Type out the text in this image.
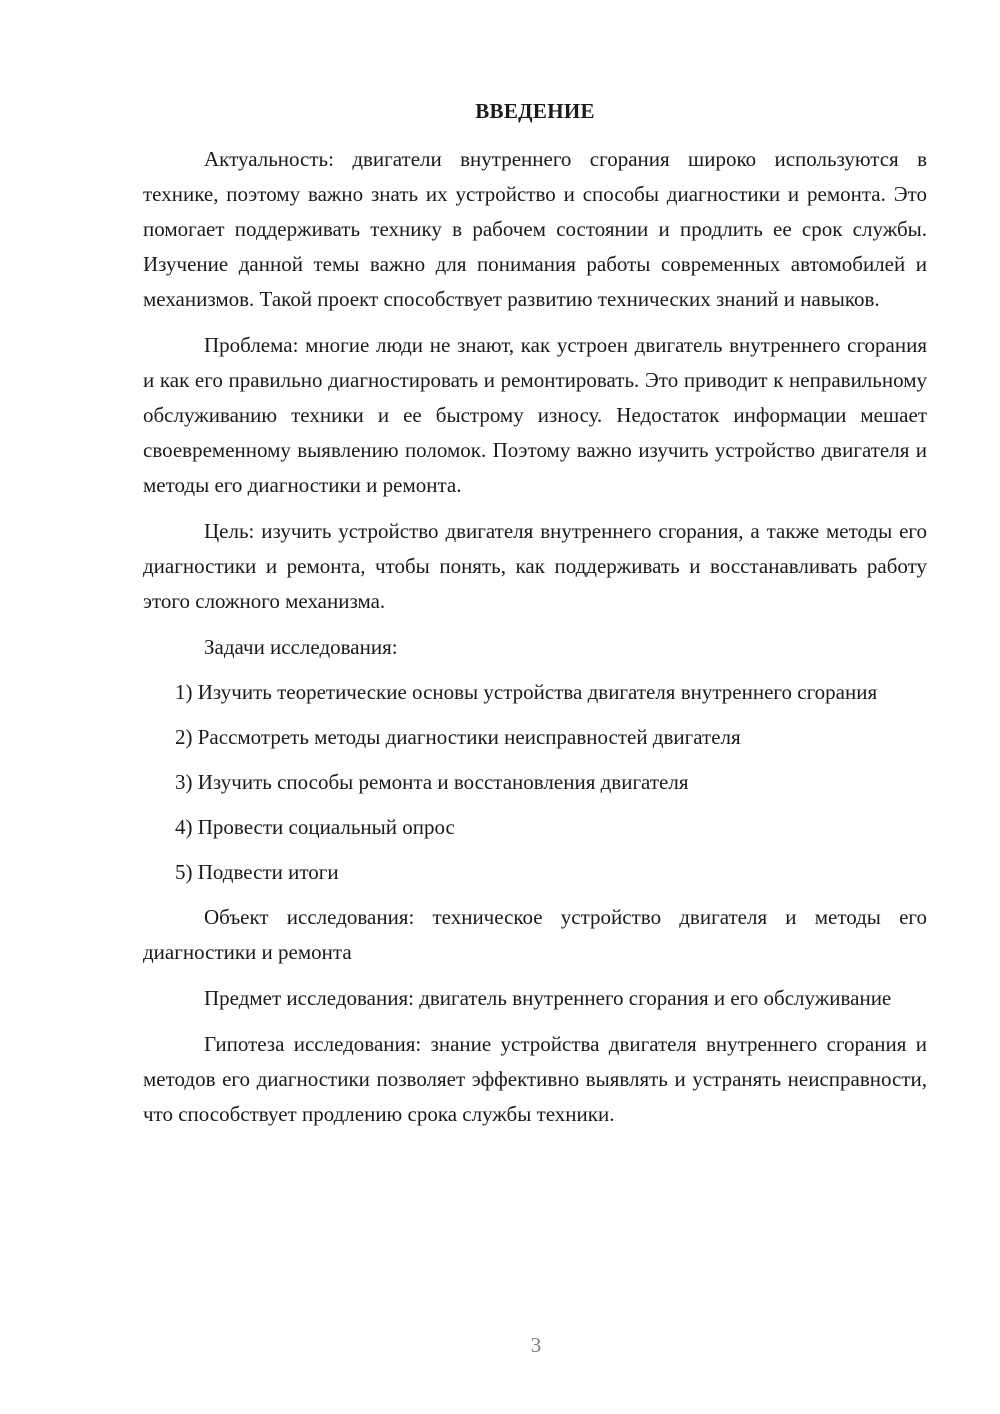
ВВЕДЕНИЕ

Актуальность: двигатели внутреннего сгорания широко используются в технике, поэтому важно знать их устройство и способы диагностики и ремонта. Это помогает поддерживать технику в рабочем состоянии и продлить ее срок службы. Изучение данной темы важно для понимания работы современных автомобилей и механизмов. Такой проект способствует развитию технических знаний и навыков.

Проблема: многие люди не знают, как устроен двигатель внутреннего сгорания и как его правильно диагностировать и ремонтировать. Это приводит к неправильному обслуживанию техники и ее быстрому износу. Недостаток информации мешает своевременному выявлению поломок. Поэтому важно изучить устройство двигателя и методы его диагностики и ремонта.

Цель: изучить устройство двигателя внутреннего сгорания, а также методы его диагностики и ремонта, чтобы понять, как поддерживать и восстанавливать работу этого сложного механизма.

Задачи исследования:

1) Изучить теоретические основы устройства двигателя внутреннего сгорания

2) Рассмотреть методы диагностики неисправностей двигателя

3) Изучить способы ремонта и восстановления двигателя

4) Провести социальный опрос

5) Подвести итоги

Объект исследования: техническое устройство двигателя и методы его диагностики и ремонта

Предмет исследования: двигатель внутреннего сгорания и его обслуживание

Гипотеза исследования: знание устройства двигателя внутреннего сгорания и методов его диагностики позволяет эффективно выявлять и устранять неисправности, что способствует продлению срока службы техники.

3
